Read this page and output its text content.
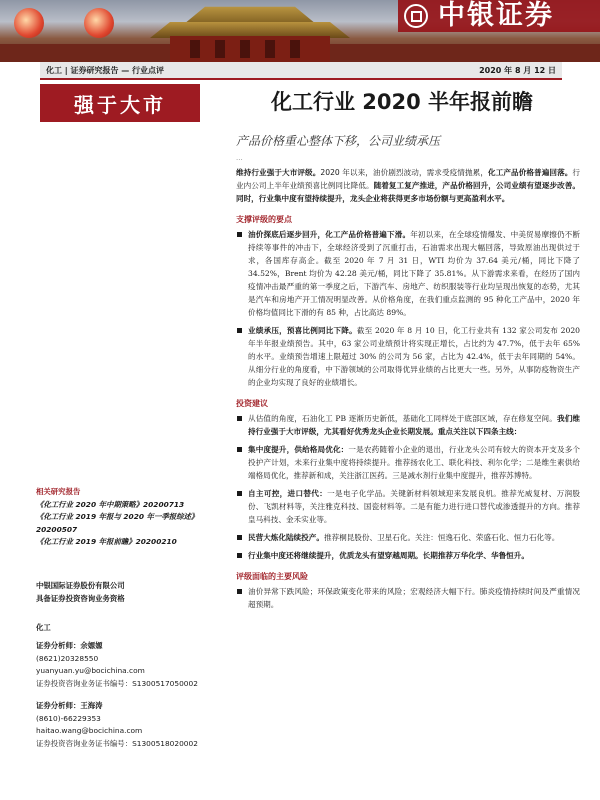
中银证券
化工 | 证券研究报告 — 行业点评	2020 年 8 月 12 日
强于大市	化工行业 2020 半年报前瞻
产品价格重心整体下移，公司业绩承压
···

维持行业强于大市评级。2020 年以来，油价剧烈波动，需求受疫情抛累，化工产品价格普遍回落。行业内公司上半年业绩预喜比例同比降低。随着复工复产推进，产品价格回升，公司业绩有望逐步改善。同时，行业集中度有望持续提升，龙头企业将获得更多市场份额与更高盈利水平。

支撑评级的要点
油价探底后逐步回升，化工产品价格普遍下滑。年初以来，在全球疫情爆发、中美贸易摩擦仍不断持续等事件的冲击下，全球经济受到了沉重打击，石油需求出现大幅回落，导致原油出现供过于求，各国库存高企。截至 2020 年 7 月 31 日，WTI 均价为 37.64 美元/桶，同比下降了 34.52%，Brent 均价为 42.28 美元/桶，同比下降了 35.81%。从下游需求来看，在经历了国内疫情冲击最严重的第一季度之后，下游汽车、房地产、纺织服装等行业均呈现出恢复的态势，尤其是汽车和房地产开工情况明显改善。从价格角度，在我们重点监测的 95 种化工产品中，2020 年价格均值同比下滑的有 85 种，占比高达 89%。
业绩承压，预喜比例同比下降。截至 2020 年 8 月 10 日，化工行业共有 132 家公司发布 2020 年半年报业绩预告。其中，63 家公司业绩预计将实现正增长，占比约为 47.7%，低于去年 65% 的水平。业绩预告增速上限超过 30% 的公司为 56 家，占比为 42.4%，低于去年同期的 54%。从细分行业的角度看，中下游领域的公司取得优异业绩的占比更大一些。另外，从事防疫物资生产的企业均实现了良好的业绩增长。
投资建议
从估值的角度，石油化工 PB 逐渐历史新低，基础化工同样处于底部区域，存在修复空间。我们维持行业强于大市评级，尤其看好优秀龙头企业长期发展。重点关注以下四条主线：
集中度提升，供给格局优化：一是农药随着小企业的退出，行业龙头公司有较大的资本开支及多个投护产计划，未来行业集中度将持续提升。推荐扬农化工、联化科技、利尔化学；二是维生素供给端格局优化，推荐新和成，关注浙江医药。三是减水剂行业集中度提升，推荐苏博特。
自主可控，进口替代：一是电子化学品。关键新材料领域迎来发展良机。推荐光威复材、万润股份、飞凯材料等，关注雅克科技、国瓷材料等。二是有能力进行进口替代或渗透提升的方向。推荐皇马科技、金禾实业等。
民营大炼化陆续投产。推荐桐昆股份、卫星石化。关注：恒逸石化、荣盛石化、恒力石化等。
行业集中度还将继续提升，优质龙头有望穿越周期。长期推荐万华化学、华鲁恒升。
评级面临的主要风险
油价异常下跌风险；环保政策变化带来的风险；宏观经济大幅下行。肺炎疫情持续时间及严重情况超预期。
相关研究报告
《化工行业 2020 年中期策略》20200713
《化工行业 2019 年报与 2020 年一季报综述》20200507
《化工行业 2019 年报前瞻》20200210
中银国际证券股份有限公司
具备证券投资咨询业务资格
化工
证券分析师：余嫄嫄
(8621)20328550
yuanyuan.yu@bocichina.com
证券投资咨询业务证书编号：S1300517050002
证券分析师：王海涛
(8610)-66229353
haitao.wang@bocichina.com
证券投资咨询业务证书编号：S1300518020002
